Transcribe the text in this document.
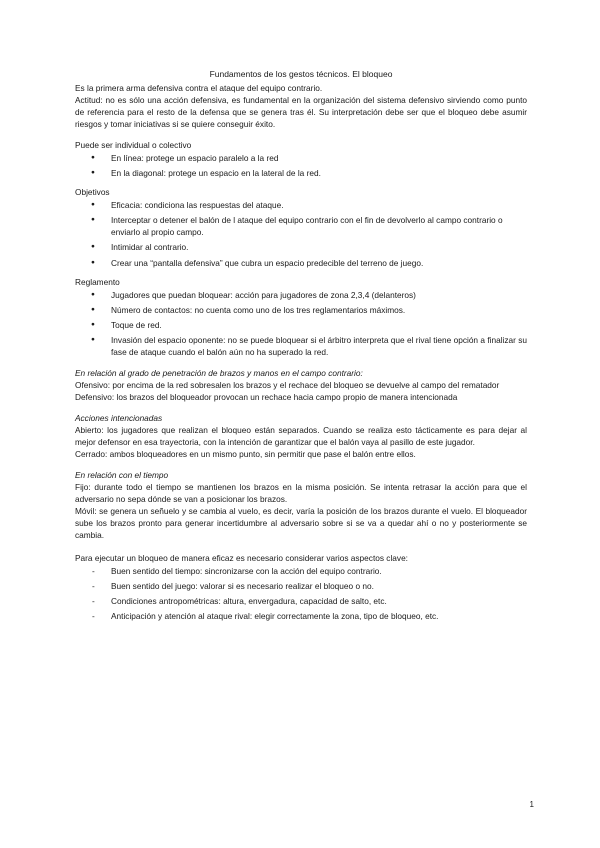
Fundamentos de los gestos técnicos. El bloqueo

Es la primera arma defensiva contra el ataque del equipo contrario.

Actitud: no es sólo una acción defensiva, es fundamental en la organización del sistema defensivo sirviendo como punto de referencia para el resto de la defensa que se genera tras él. Su interpretación debe ser que el bloqueo debe asumir riesgos y tomar iniciativas si se quiere conseguir éxito.

Puede ser individual o colectivo

● En línea: protege un espacio paralelo a la red
● En la diagonal: protege un espacio en la lateral de la red.

Objetivos

● Eficacia: condiciona las respuestas del ataque.
● Interceptar o detener el balón de l ataque del equipo contrario con el fin de devolverlo al campo contrario o enviarlo al propio campo.
● Intimidar al contrario.
● Crear una “pantalla defensiva” que cubra un espacio predecible del terreno de juego.

Reglamento

● Jugadores que puedan bloquear: acción para jugadores de zona 2,3,4 (delanteros)
● Número de contactos: no cuenta como uno de los tres reglamentarios máximos.
● Toque de red.
● Invasión del espacio oponente: no se puede bloquear si el árbitro interpreta que el rival tiene opción a finalizar su fase de ataque cuando el balón aún no ha superado la red.

En relación al grado de penetración de brazos y manos en el campo contrario:

Ofensivo: por encima de la red sobresalen los brazos y el rechace del bloqueo se devuelve al campo del rematador

Defensivo: los brazos del bloqueador provocan un rechace hacia campo propio de manera intencionada

Acciones intencionadas

Abierto: los jugadores que realizan el bloqueo están separados. Cuando se realiza esto tácticamente es para dejar al mejor defensor en esa trayectoria, con la intención de garantizar que el balón vaya al pasillo de este jugador.

Cerrado: ambos bloqueadores en un mismo punto, sin permitir que pase el balón entre ellos.

En relación con el tiempo

Fijo: durante todo el tiempo se mantienen los brazos en la misma posición. Se intenta retrasar la acción para que el adversario no sepa dónde se van a posicionar los brazos.

Móvil: se genera un señuelo y se cambia al vuelo, es decir, varía la posición de los brazos durante el vuelo. El bloqueador sube los brazos pronto para generar incertidumbre al adversario sobre si se va a quedar ahí o no y posteriormente se cambia.

Para ejecutar un bloqueo de manera eficaz es necesario considerar varios aspectos clave:

- Buen sentido del tiempo: sincronizarse con la acción del equipo contrario.
- Buen sentido del juego: valorar si es necesario realizar el bloqueo o no.
- Condiciones antropométricas: altura, envergadura, capacidad de salto, etc.
- Anticipación y atención al ataque rival: elegir correctamente la zona, tipo de bloqueo, etc.
1
